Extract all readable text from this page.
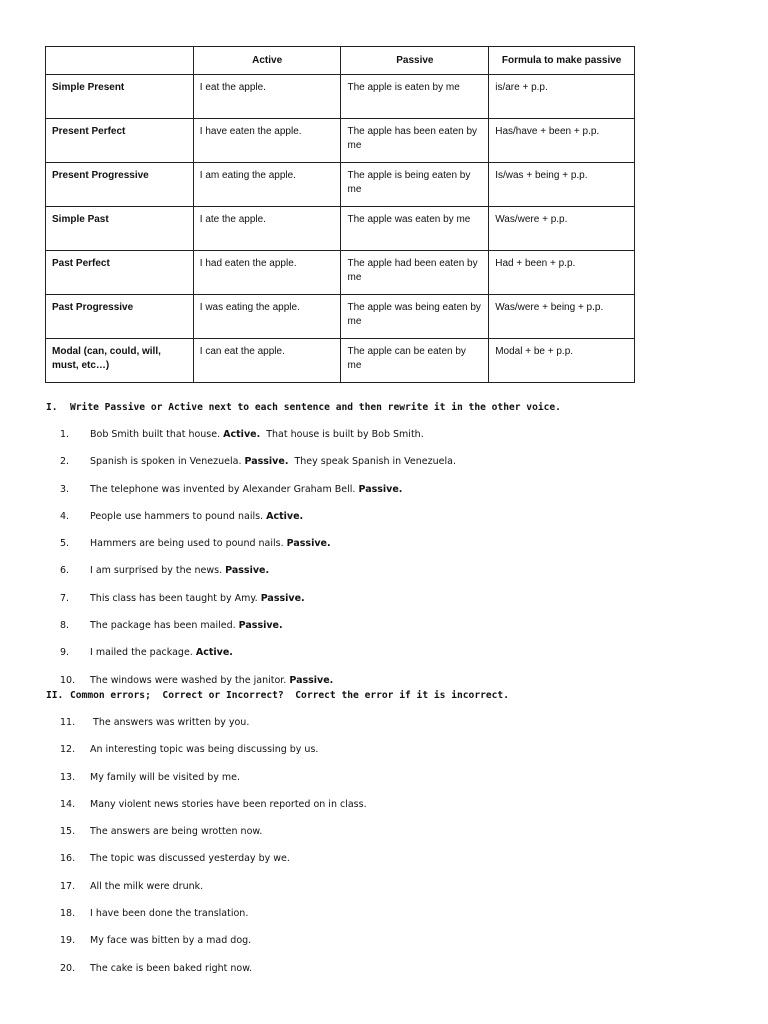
	Active	Passive	Formula to make passive
Simple Present	I eat the apple.	The apple is eaten by me	is/are + p.p.
Present Perfect	I have eaten the apple.	The apple has been eaten by me	Has/have + been + p.p.
Present Progressive	I am eating the apple.	The apple is being eaten by me	Is/was + being + p.p.
Simple Past	I ate the apple.	The apple was eaten by me	Was/were + p.p.
Past Perfect	I had eaten the apple.	The apple had been eaten by me	Had + been + p.p.
Past Progressive	I was eating the apple.	The apple was being eaten by me	Was/were + being + p.p.
Modal (can, could, will, must, etc…)	I can eat the apple.	The apple can be eaten by me	Modal + be + p.p.
I. Write Passive or Active next to each sentence and then rewrite it in the other voice.
1.	Bob Smith built that house. Active. That house is built by Bob Smith.
2.	Spanish is spoken in Venezuela. Passive. They speak Spanish in Venezuela.
3.	The telephone was invented by Alexander Graham Bell. Passive.
4.	People use hammers to pound nails. Active.
5.	Hammers are being used to pound nails. Passive.
6.	I am surprised by the news. Passive.
7.	This class has been taught by Amy. Passive.
8.	The package has been mailed. Passive.
9.	I mailed the package. Active.
10.	The windows were washed by the janitor. Passive.
II. Common errors;  Correct or Incorrect?  Correct the error if it is incorrect.
11.	The answers was written by you.
12.	An interesting topic was being discussing by us.
13.	My family will be visited by me.
14.	Many violent news stories have been reported on in class.
15.	The answers are being wrotten now.
16.	The topic was discussed yesterday by we.
17.	All the milk were drunk.
18.	I have been done the translation.
19.	My face was bitten by a mad dog.
20.	The cake is been baked right now.
